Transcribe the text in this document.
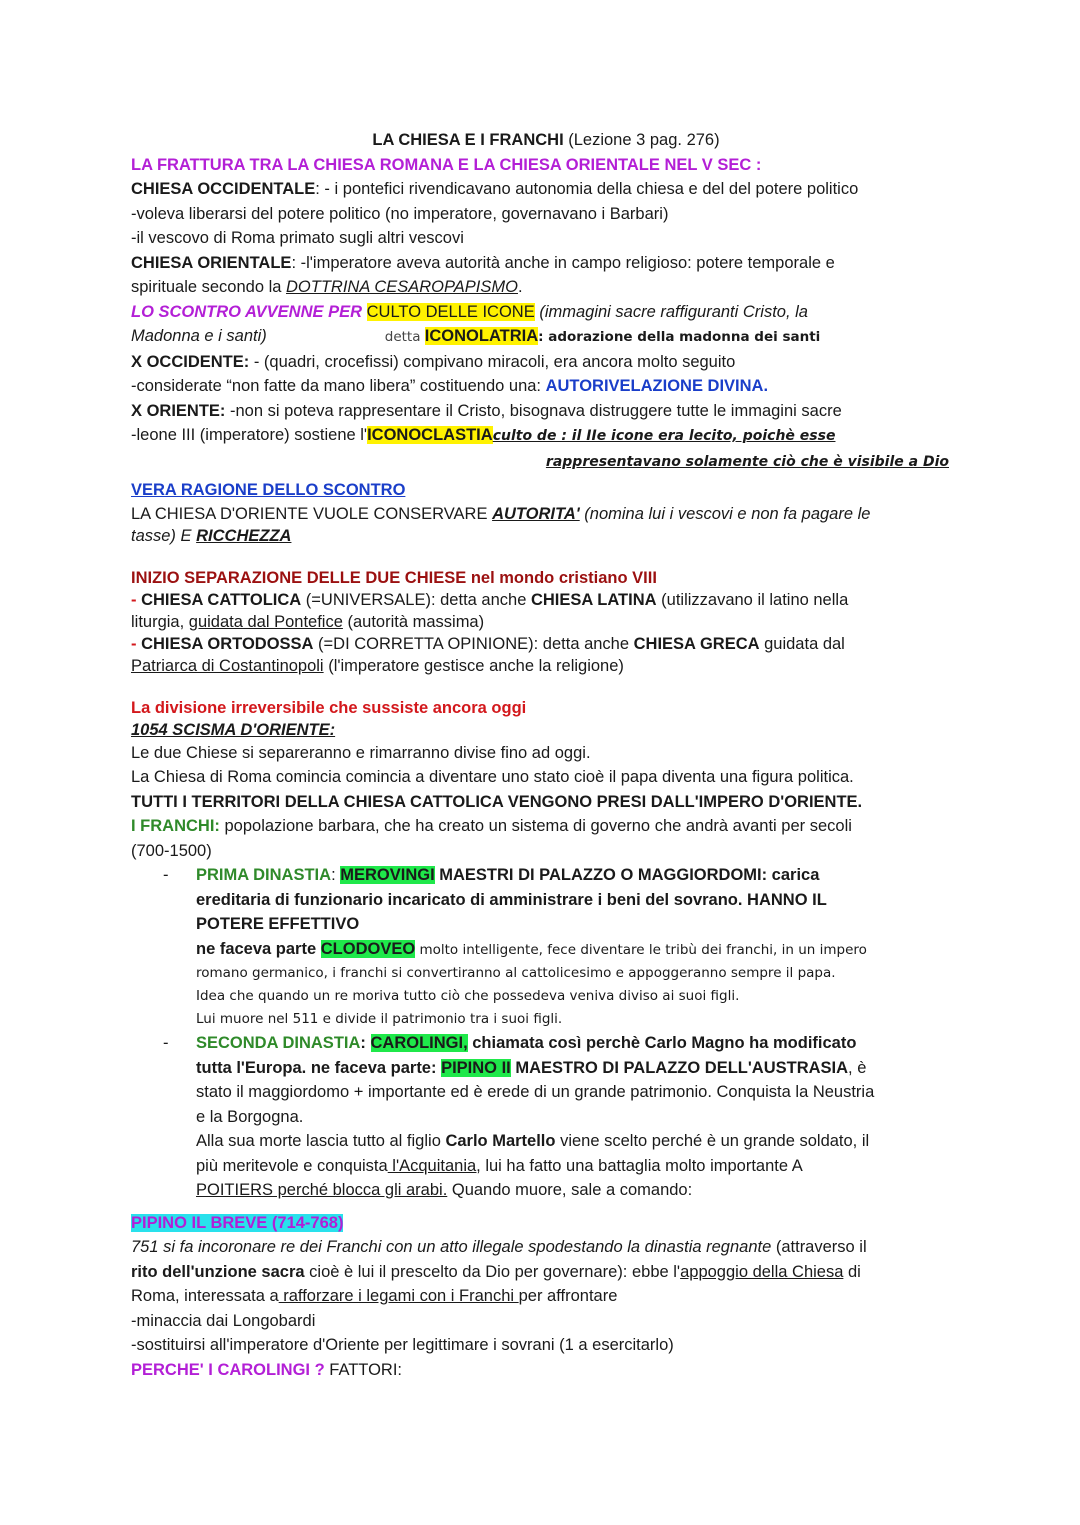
LA CHIESA E I FRANCHI (Lezione 3 pag. 276)
LA FRATTURA TRA LA CHIESA ROMANA E LA CHIESA ORIENTALE NEL V SEC :
CHIESA OCCIDENTALE: - i pontefici rivendicavano autonomia della chiesa e del del potere politico
-voleva liberarsi del potere politico (no imperatore, governavano i Barbari)
-il vescovo di Roma primato sugli altri vescovi
CHIESA ORIENTALE: -l'imperatore aveva autorità anche in campo religioso: potere temporale e
spirituale secondo la DOTTRINA CESAROPAPISMO.
LO SCONTRO AVVENNE PER CULTO DELLE ICONE (immagini sacre raffiguranti Cristo, la
Madonna e i santi)	detta ICONOLATRIA: adorazione della madonna dei santi
X OCCIDENTE: - (quadri, crocefissi) compivano miracoli, era ancora molto seguito
-considerate “non fatte da mano libera” costituendo una: AUTORIVELAZIONE DIVINA.
X ORIENTE: -non si poteva rappresentare il Cristo, bisognava distruggere tutte le immagini sacre
-leone III (imperatore) sostiene l'ICONOCLASTIAculto de : il IIe icone era lecito, poichè esse
rappresentavano solamente ciò che è visibile a Dio
VERA RAGIONE DELLO SCONTRO
LA CHIESA D'ORIENTE VUOLE CONSERVARE AUTORITA' (nomina lui i vescovi e non fa pagare le
tasse) E RICCHEZZA
INIZIO SEPARAZIONE DELLE DUE CHIESE nel mondo cristiano VIII
- CHIESA CATTOLICA (=UNIVERSALE): detta anche CHIESA LATINA (utilizzavano il latino nella
liturgia, guidata dal Pontefice (autorità massima)
- CHIESA ORTODOSSA (=DI CORRETTA OPINIONE): detta anche CHIESA GRECA guidata dal
Patriarca di Costantinopoli (l'imperatore gestisce anche la religione)
La divisione irreversibile che sussiste ancora oggi
1054 SCISMA D'ORIENTE:
Le due Chiese si separeranno e rimarranno divise fino ad oggi.
La Chiesa di Roma comincia comincia a diventare uno stato cioè il papa diventa una figura politica.
TUTTI I TERRITORI DELLA CHIESA CATTOLICA VENGONO PRESI DALL'IMPERO D'ORIENTE.
I FRANCHI: popolazione barbara, che ha creato un sistema di governo che andrà avanti per secoli
(700-1500)
- PRIMA DINASTIA: MEROVINGI MAESTRI DI PALAZZO O MAGGIORDOMI: carica
ereditaria di funzionario incaricato di amministrare i beni del sovrano. HANNO IL
POTERE EFFETTIVO
ne faceva parte CLODOVEO molto intelligente, fece diventare le tribù dei franchi, in un impero
romano germanico, i franchi si convertiranno al cattolicesimo e appoggeranno sempre il papa.
Idea che quando un re moriva tutto ciò che possedeva veniva diviso ai suoi figli.
Lui muore nel 511 e divide il patrimonio tra i suoi figli.
- SECONDA DINASTIA: CAROLINGI, chiamata così perchè Carlo Magno ha modificato
tutta l'Europa. ne faceva parte: PIPINO II MAESTRO DI PALAZZO DELL'AUSTRASIA, è
stato il maggiordomo + importante ed è erede di un grande patrimonio. Conquista la Neustria
e la Borgogna.
Alla sua morte lascia tutto al figlio Carlo Martello viene scelto perché è un grande soldato, il
più meritevole e conquista l'Acquitania, lui ha fatto una battaglia molto importante A
POITIERS perché blocca gli arabi. Quando muore, sale a comando:
PIPINO IL BREVE (714-768)
751 si fa incoronare re dei Franchi con un atto illegale spodestando la dinastia regnante (attraverso il
rito dell'unzione sacra cioè è lui il prescelto da Dio per governare): ebbe l'appoggio della Chiesa di
Roma, interessata a rafforzare i legami con i Franchi per affrontare
-minaccia dai Longobardi
-sostituirsi all'imperatore d'Oriente per legittimare i sovrani (1 a esercitarlo)
PERCHE' I CAROLINGI ? FATTORI:
